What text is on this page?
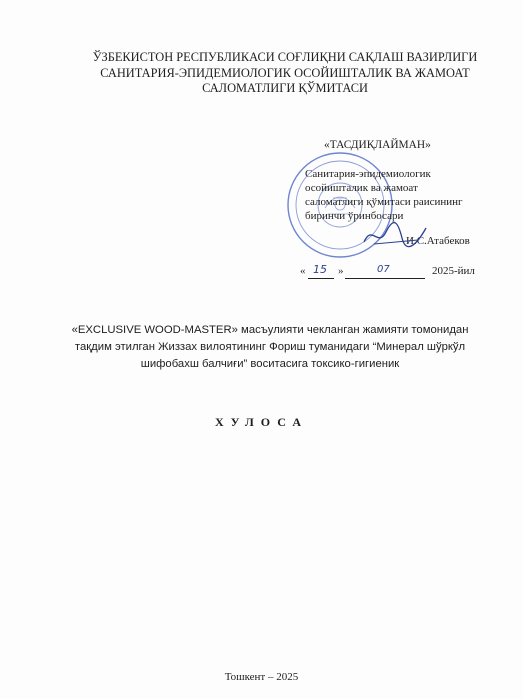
ЎЗБЕКИСТОН РЕСПУБЛИКАСИ СОҒЛИҚНИ САҚЛАШ ВАЗИРЛИГИ
САНИТАРИЯ-ЭПИДЕМИОЛОГИК ОСОЙИШТАЛИК ВА ЖАМОАТ
САЛОМАТЛИГИ ҚЎМИТАСИ
«ТАСДИҚЛАЙМАН»
Санитария-эпидемиологик
осойишталик ва жамоат
саломатлиги қўмитаси раисининг
биринчи ўринбосари
И.С.Атабеков
« 15 »	07	2025-йил
«EXCLUSIVE WOOD-MASTER» масъулияти чекланган жамияти томонидан
тақдим этилган Жиззах вилоятининг Фориш туманидаги “Минерал шўркўл
шифобахш балчиғи” воситасига токсико-гигиеник
ХУЛОСА
Тошкент – 2025
